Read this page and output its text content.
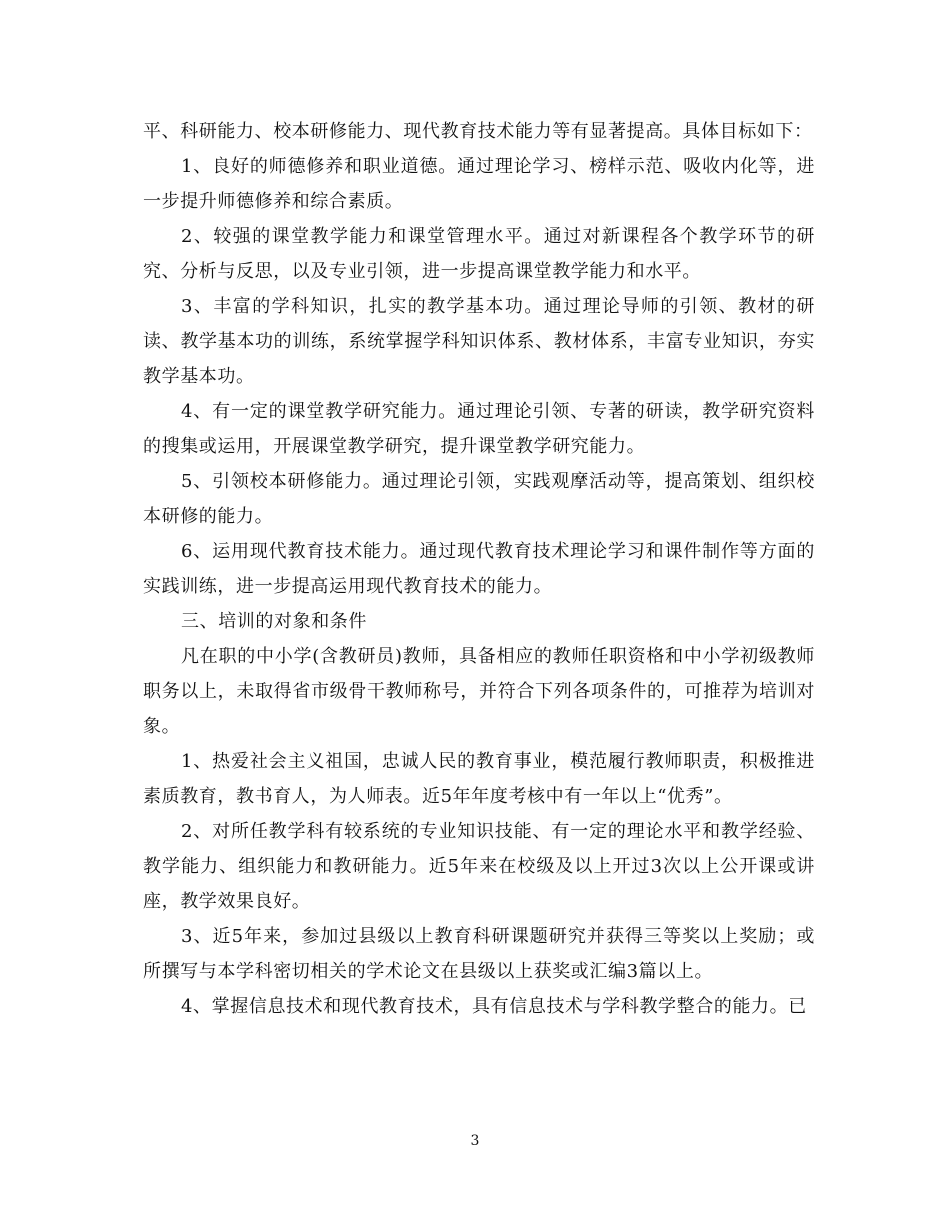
平、科研能力、校本研修能力、现代教育技术能力等有显著提高。具体目标如下：

1、良好的师德修养和职业道德。通过理论学习、榜样示范、吸收内化等，进一步提升师德修养和综合素质。

2、较强的课堂教学能力和课堂管理水平。通过对新课程各个教学环节的研究、分析与反思，以及专业引领，进一步提高课堂教学能力和水平。

3、丰富的学科知识，扎实的教学基本功。通过理论导师的引领、教材的研读、教学基本功的训练，系统掌握学科知识体系、教材体系，丰富专业知识，夯实教学基本功。

4、有一定的课堂教学研究能力。通过理论引领、专著的研读，教学研究资料的搜集或运用，开展课堂教学研究，提升课堂教学研究能力。

5、引领校本研修能力。通过理论引领，实践观摩活动等，提高策划、组织校本研修的能力。

6、运用现代教育技术能力。通过现代教育技术理论学习和课件制作等方面的实践训练，进一步提高运用现代教育技术的能力。

三、培训的对象和条件

凡在职的中小学(含教研员)教师，具备相应的教师任职资格和中小学初级教师职务以上，未取得省市级骨干教师称号，并符合下列各项条件的，可推荐为培训对象。

1、热爱社会主义祖国，忠诚人民的教育事业，模范履行教师职责，积极推进素质教育，教书育人，为人师表。近5年年度考核中有一年以上“优秀”。

2、对所任教学科有较系统的专业知识技能、有一定的理论水平和教学经验、教学能力、组织能力和教研能力。近5年来在校级及以上开过3次以上公开课或讲座，教学效果良好。

3、近5年来，参加过县级以上教育科研课题研究并获得三等奖以上奖励；或所撰写与本学科密切相关的学术论文在县级以上获奖或汇编3篇以上。

4、掌握信息技术和现代教育技术，具有信息技术与学科教学整合的能力。已

3
